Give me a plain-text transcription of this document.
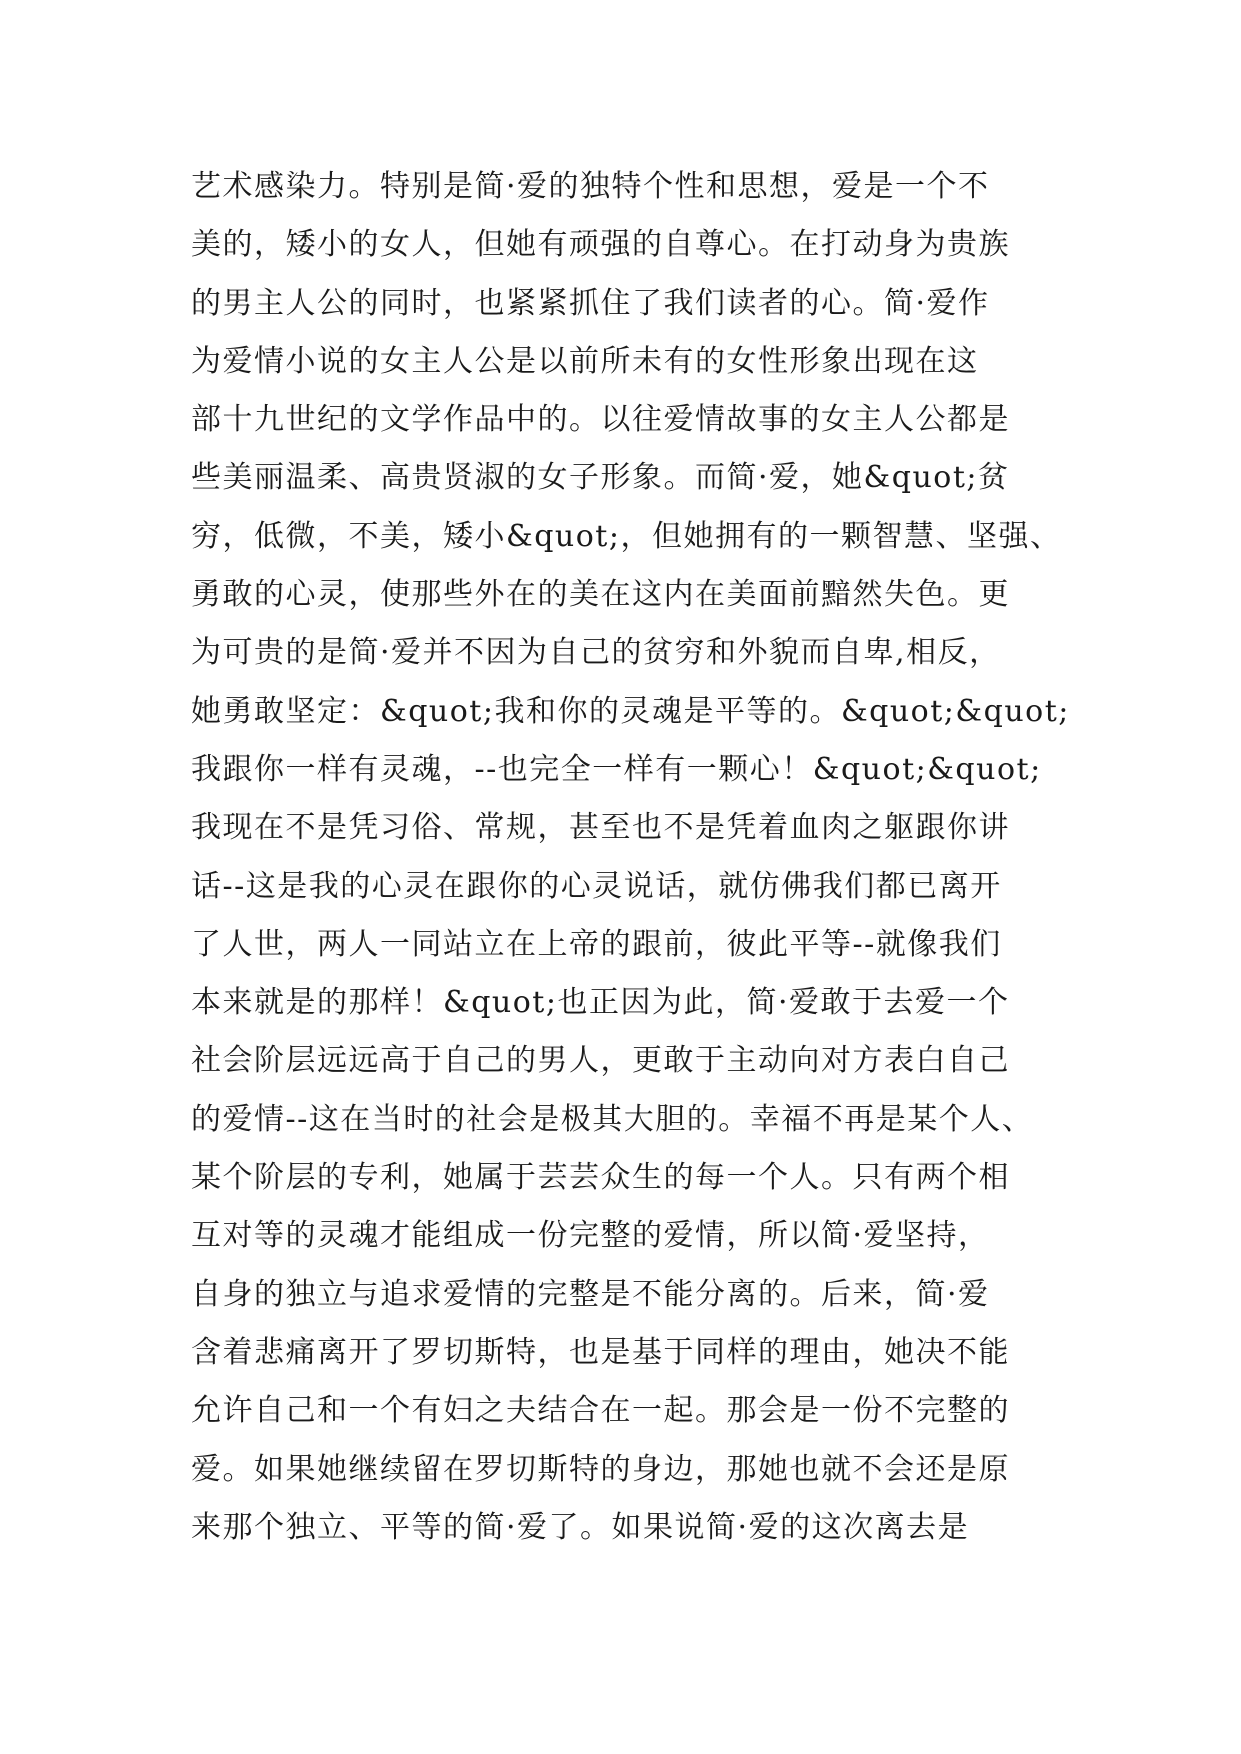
艺术感染力。特别是简·爱的独特个性和思想，爱是一个不
美的，矮小的女人，但她有顽强的自尊心。在打动身为贵族
的男主人公的同时，也紧紧抓住了我们读者的心。简·爱作
为爱情小说的女主人公是以前所未有的女性形象出现在这
部十九世纪的文学作品中的。以往爱情故事的女主人公都是
些美丽温柔、高贵贤淑的女子形象。而简·爱，她&quot;贫
穷，低微，不美，矮小&quot;，但她拥有的一颗智慧、坚强、
勇敢的心灵，使那些外在的美在这内在美面前黯然失色。更
为可贵的是简·爱并不因为自己的贫穷和外貌而自卑,相反，
她勇敢坚定：&quot;我和你的灵魂是平等的。&quot;&quot;
我跟你一样有灵魂，--也完全一样有一颗心！&quot;&quot;
我现在不是凭习俗、常规，甚至也不是凭着血肉之躯跟你讲
话--这是我的心灵在跟你的心灵说话，就仿佛我们都已离开
了人世，两人一同站立在上帝的跟前，彼此平等--就像我们
本来就是的那样！&quot;也正因为此，简·爱敢于去爱一个
社会阶层远远高于自己的男人，更敢于主动向对方表白自己
的爱情--这在当时的社会是极其大胆的。幸福不再是某个人、
某个阶层的专利，她属于芸芸众生的每一个人。只有两个相
互对等的灵魂才能组成一份完整的爱情，所以简·爱坚持，
自身的独立与追求爱情的完整是不能分离的。后来，简·爱
含着悲痛离开了罗切斯特，也是基于同样的理由，她决不能
允许自己和一个有妇之夫结合在一起。那会是一份不完整的
爱。如果她继续留在罗切斯特的身边，那她也就不会还是原
来那个独立、平等的简·爱了。如果说简·爱的这次离去是
